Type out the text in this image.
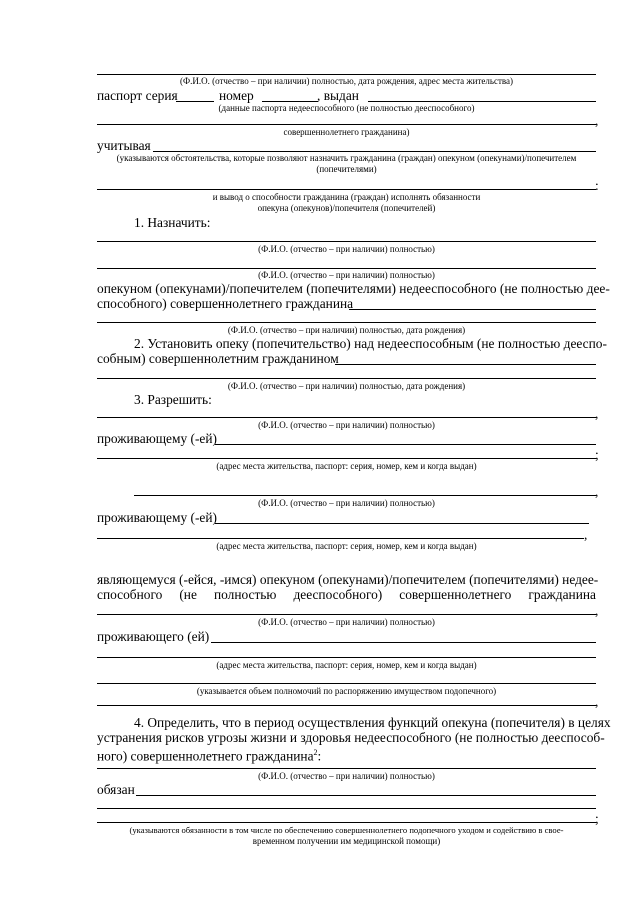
(Ф.И.О. (отчество – при наличии) полностью, дата рождения, адрес места жительства)
паспорт серия	номер	, выдан
(данные паспорта недееспособного (не полностью дееспособного)
,
совершеннолетнего гражданина)
учитывая
(указываются обстоятельства, которые позволяют назначить гражданина (граждан) опекуном (опекунами)/попечителем
(попечителями)
:
и вывод о способности гражданина (граждан) исполнять обязанности
опекуна (опекунов)/попечителя (попечителей)
1. Назначить:
(Ф.И.О. (отчество – при наличии) полностью)
(Ф.И.О. (отчество – при наличии) полностью)
опекуном (опекунами)/попечителем (попечителями) недееспособного (не полностью дее-
способного) совершеннолетнего гражданина
(Ф.И.О. (отчество – при наличии) полностью, дата рождения)
2. Установить опеку (попечительство) над недееспособным (не полностью дееспо-
собным) совершеннолетним гражданином
(Ф.И.О. (отчество – при наличии) полностью, дата рождения)
3. Разрешить:
,
(Ф.И.О. (отчество – при наличии) полностью)
проживающему (-ей)
;
(адрес места жительства, паспорт: серия, номер, кем и когда выдан)
,
(Ф.И.О. (отчество – при наличии) полностью)
проживающему (-ей)
,
(адрес места жительства, паспорт: серия, номер, кем и когда выдан)
являющемуся (-ейся, -имся) опекуном (опекунами)/попечителем (попечителями) недее-
способного (не полностью дееспособного) совершеннолетнего гражданина
,
(Ф.И.О. (отчество – при наличии) полностью)
проживающего (ей)
(адрес места жительства, паспорт: серия, номер, кем и когда выдан)
(указывается объем полномочий по распоряжению имуществом подопечного)
,
4. Определить, что в период осуществления функций опекуна (попечителя) в целях
устранения рисков угрозы жизни и здоровья недееспособного (не полностью дееспособ-
ного) совершеннолетнего гражданина$^2$:
(Ф.И.О. (отчество – при наличии) полностью)
обязан
;
(указываются обязанности в том числе по обеспечению совершеннолетнего подопечного уходом и содействию в свое-
временном получении им медицинской помощи)
